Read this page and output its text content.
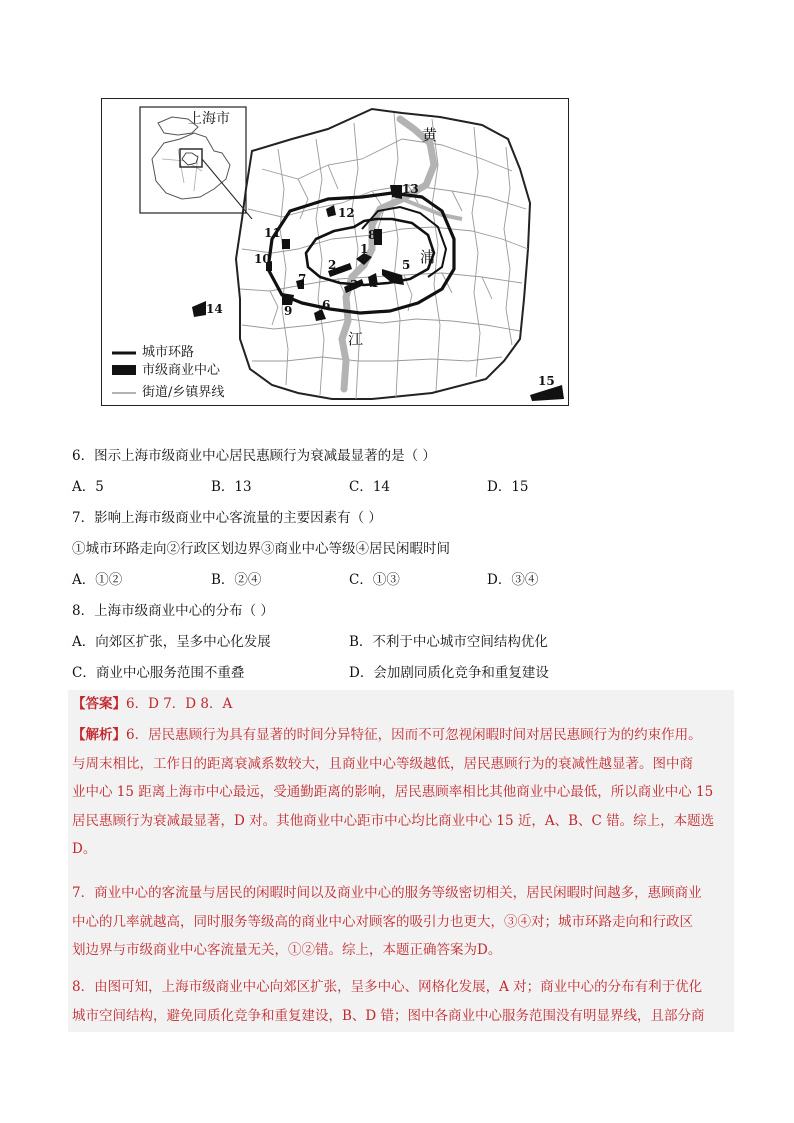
上海市
黄
浦
江
1
2
3 4
5
6
7
8
9
10
11
12
13
14
15
城市环路
市级商业中心
街道/乡镇界线
6．图示上海市级商业中心居民惠顾行为衰减最显著的是（ ）
A．5	B．13	C．14	D．15
7．影响上海市级商业中心客流量的主要因素有（ ）
①城市环路走向②行政区划边界③商业中心等级④居民闲暇时间
A．①②	B．②④	C．①③	D．③④
8．上海市级商业中心的分布（ ）
A．向郊区扩张，呈多中心化发展	B．不利于中心城市空间结构优化
C．商业中心服务范围不重叠	D．会加剧同质化竞争和重复建设
【答案】6．D 7．D 8．A
【解析】6．居民惠顾行为具有显著的时间分异特征，因而不可忽视闲暇时间对居民惠顾行为的约束作用。
与周末相比，工作日的距离衰减系数较大，且商业中心等级越低，居民惠顾行为的衰减性越显著。图中商
业中心 15 距离上海市中心最远，受通勤距离的影响，居民惠顾率相比其他商业中心最低，所以商业中心 15
居民惠顾行为衰减最显著，D 对。其他商业中心距市中心均比商业中心 15 近，A、B、C 错。综上，本题选
D。
7．商业中心的客流量与居民的闲暇时间以及商业中心的服务等级密切相关，居民闲暇时间越多，惠顾商业
中心的几率就越高，同时服务等级高的商业中心对顾客的吸引力也更大，③④对；城市环路走向和行政区
划边界与市级商业中心客流量无关，①②错。综上，本题正确答案为D。
8．由图可知，上海市级商业中心向郊区扩张，呈多中心、网格化发展，A 对；商业中心的分布有利于优化
城市空间结构，避免同质化竞争和重复建设，B、D 错；图中各商业中心服务范围没有明显界线，且部分商
